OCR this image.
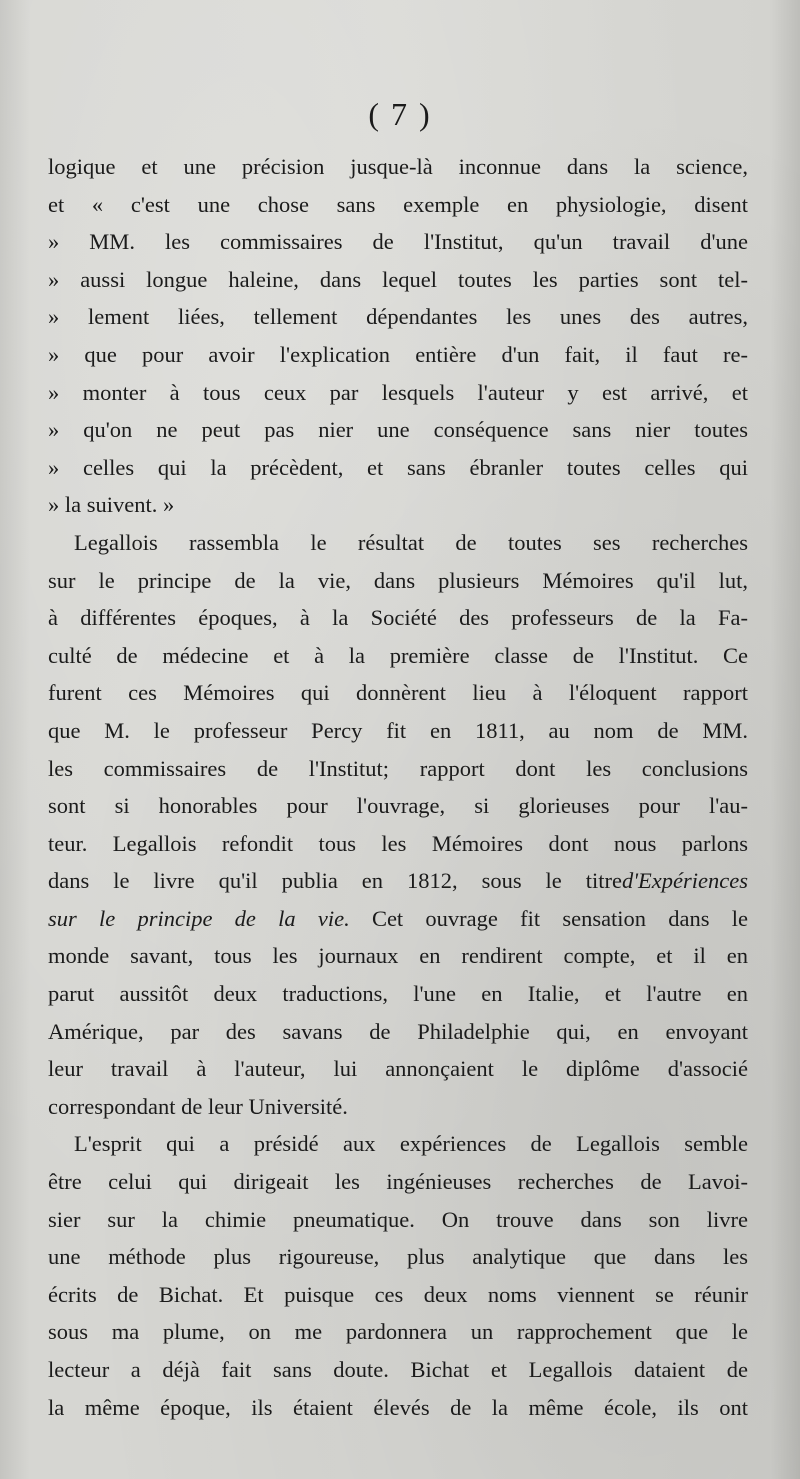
( 7 )
logique et une précision jusque-là inconnue dans la science,
et « c'est une chose sans exemple en physiologie, disent
» MM. les commissaires de l'Institut, qu'un travail d'une
» aussi longue haleine, dans lequel toutes les parties sont tel-
» lement liées, tellement dépendantes les unes des autres,
» que pour avoir l'explication entière d'un fait, il faut re-
» monter à tous ceux par lesquels l'auteur y est arrivé, et
» qu'on ne peut pas nier une conséquence sans nier toutes
» celles qui la précèdent, et sans ébranler toutes celles qui
» la suivent. »
Legallois rassembla le résultat de toutes ses recherches
sur le principe de la vie, dans plusieurs Mémoires qu'il lut,
à différentes époques, à la Société des professeurs de la Fa-
culté de médecine et à la première classe de l'Institut. Ce
furent ces Mémoires qui donnèrent lieu à l'éloquent rapport
que M. le professeur Percy fit en 1811, au nom de MM.
les commissaires de l'Institut; rapport dont les conclusions
sont si honorables pour l'ouvrage, si glorieuses pour l'au-
teur. Legallois refondit tous les Mémoires dont nous parlons
dans le livre qu'il publia en 1812, sous le titred'Expériences
sur le principe de la vie. Cet ouvrage fit sensation dans le
monde savant, tous les journaux en rendirent compte, et il en
parut aussitôt deux traductions, l'une en Italie, et l'autre en
Amérique, par des savans de Philadelphie qui, en envoyant
leur travail à l'auteur, lui annonçaient le diplôme d'associé
correspondant de leur Université.
L'esprit qui a présidé aux expériences de Legallois semble
être celui qui dirigeait les ingénieuses recherches de Lavoi-
sier sur la chimie pneumatique. On trouve dans son livre
une méthode plus rigoureuse, plus analytique que dans les
écrits de Bichat. Et puisque ces deux noms viennent se réunir
sous ma plume, on me pardonnera un rapprochement que le
lecteur a déjà fait sans doute. Bichat et Legallois dataient de
la même époque, ils étaient élevés de la même école, ils ont
